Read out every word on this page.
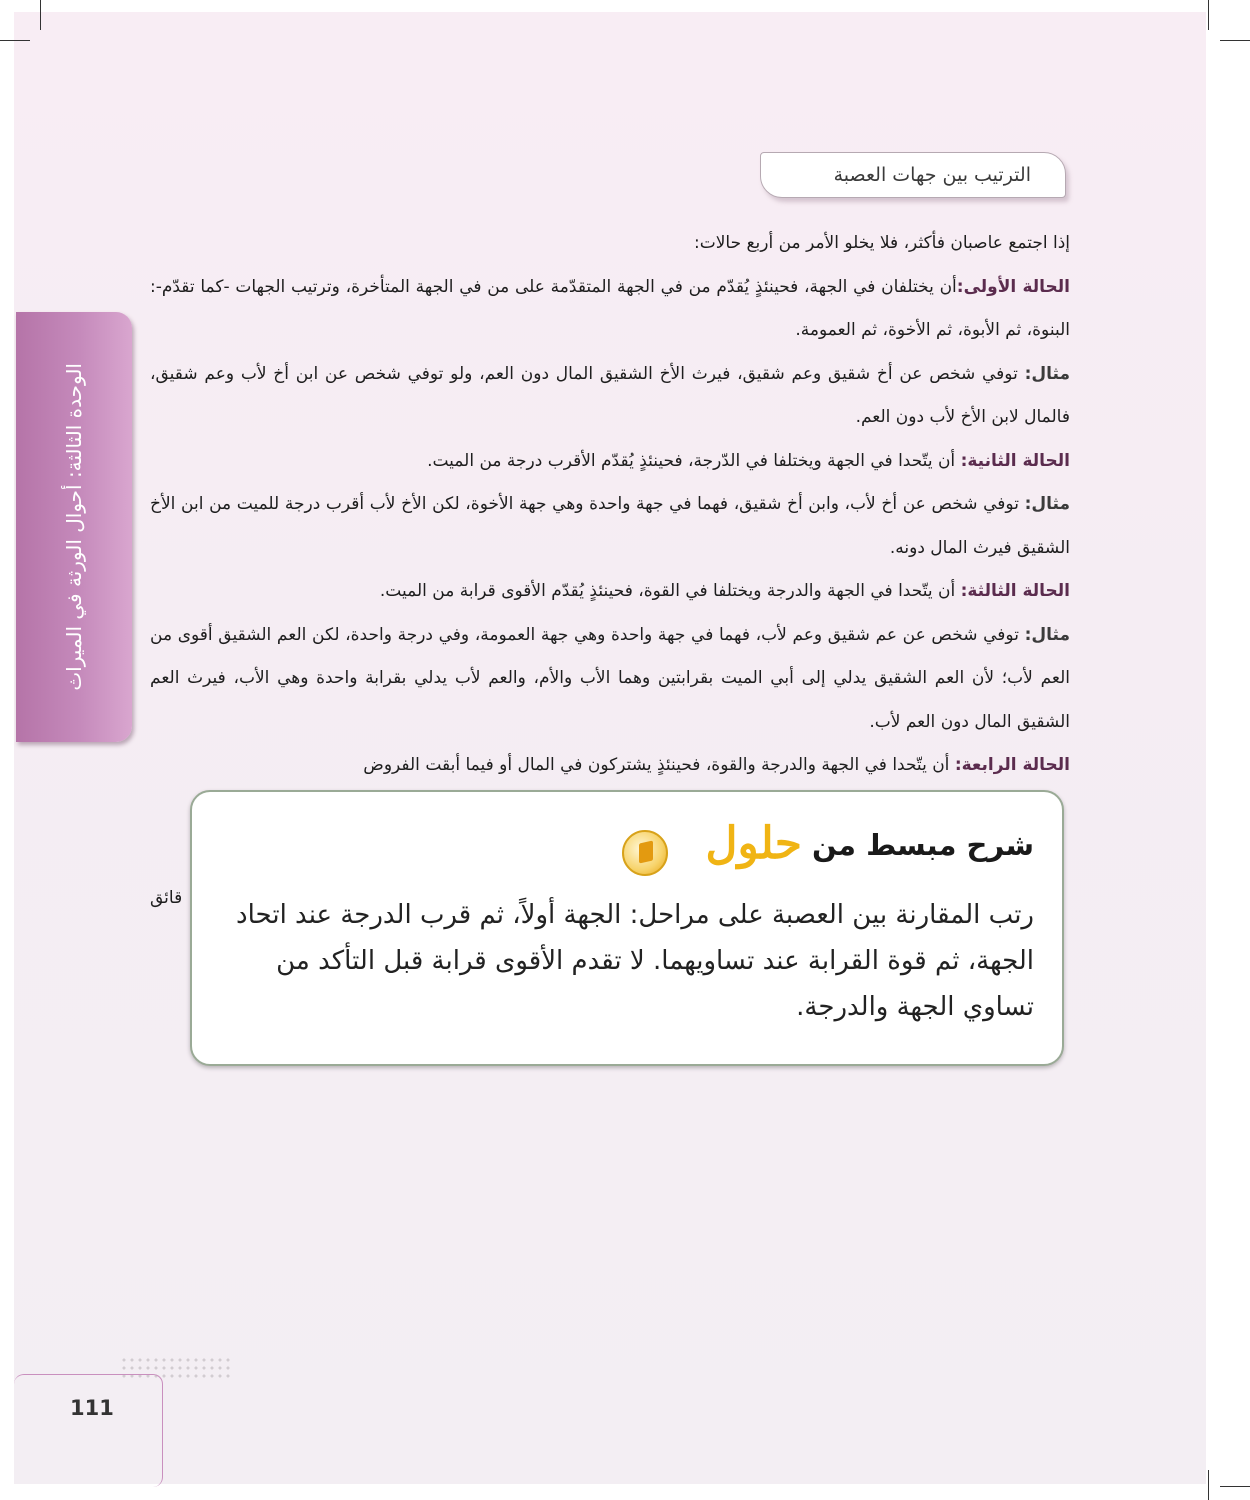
الترتيب بين جهات العصبة

إذا اجتمع عاصبان فأكثر، فلا يخلو الأمر من أربع حالات:

الحالة الأولى:أن يختلفان في الجهة، فحينئذٍ يُقدّم من في الجهة المتقدّمة على من في الجهة المتأخرة، وترتيب الجهات -كما تقدّم-: البنوة، ثم الأبوة، ثم الأخوة، ثم العمومة.

مثال: توفي شخص عن أخ شقيق وعم شقيق، فيرث الأخ الشقيق المال دون العم، ولو توفي شخص عن ابن أخ لأب وعم شقيق، فالمال لابن الأخ لأب دون العم.

الحالة الثانية: أن يتّحدا في الجهة ويختلفا في الدّرجة، فحينئذٍ يُقدّم الأقرب درجة من الميت.

مثال: توفي شخص عن أخ لأب، وابن أخ شقيق، فهما في جهة واحدة وهي جهة الأخوة، لكن الأخ لأب أقرب درجة للميت من ابن الأخ الشقيق فيرث المال دونه.

الحالة الثالثة: أن يتّحدا في الجهة والدرجة ويختلفا في القوة، فحينئذٍ يُقدّم الأقوى قرابة من الميت.

مثال: توفي شخص عن عم شقيق وعم لأب، فهما في جهة واحدة وهي جهة العمومة، وفي درجة واحدة، لكن العم الشقيق أقوى من العم لأب؛ لأن العم الشقيق يدلي إلى أبي الميت بقرابتين وهما الأب والأم، والعم لأب يدلي بقرابة واحدة وهي الأب، فيرث العم الشقيق المال دون العم لأب.

الحالة الرابعة: أن يتّحدا في الجهة والدرجة والقوة، فحينئذٍ يشتركون في المال أو فيما أبقت الفروض

قائق
الوحدة الثالثة: أحوال الورثة في الميراث
شرح مبسط من
حلول
رتب المقارنة بين العصبة على مراحل: الجهة أولاً، ثم قرب الدرجة عند اتحاد الجهة، ثم قوة القرابة عند تساويهما. لا تقدم الأقوى قرابة قبل التأكد من تساوي الجهة والدرجة.
111
